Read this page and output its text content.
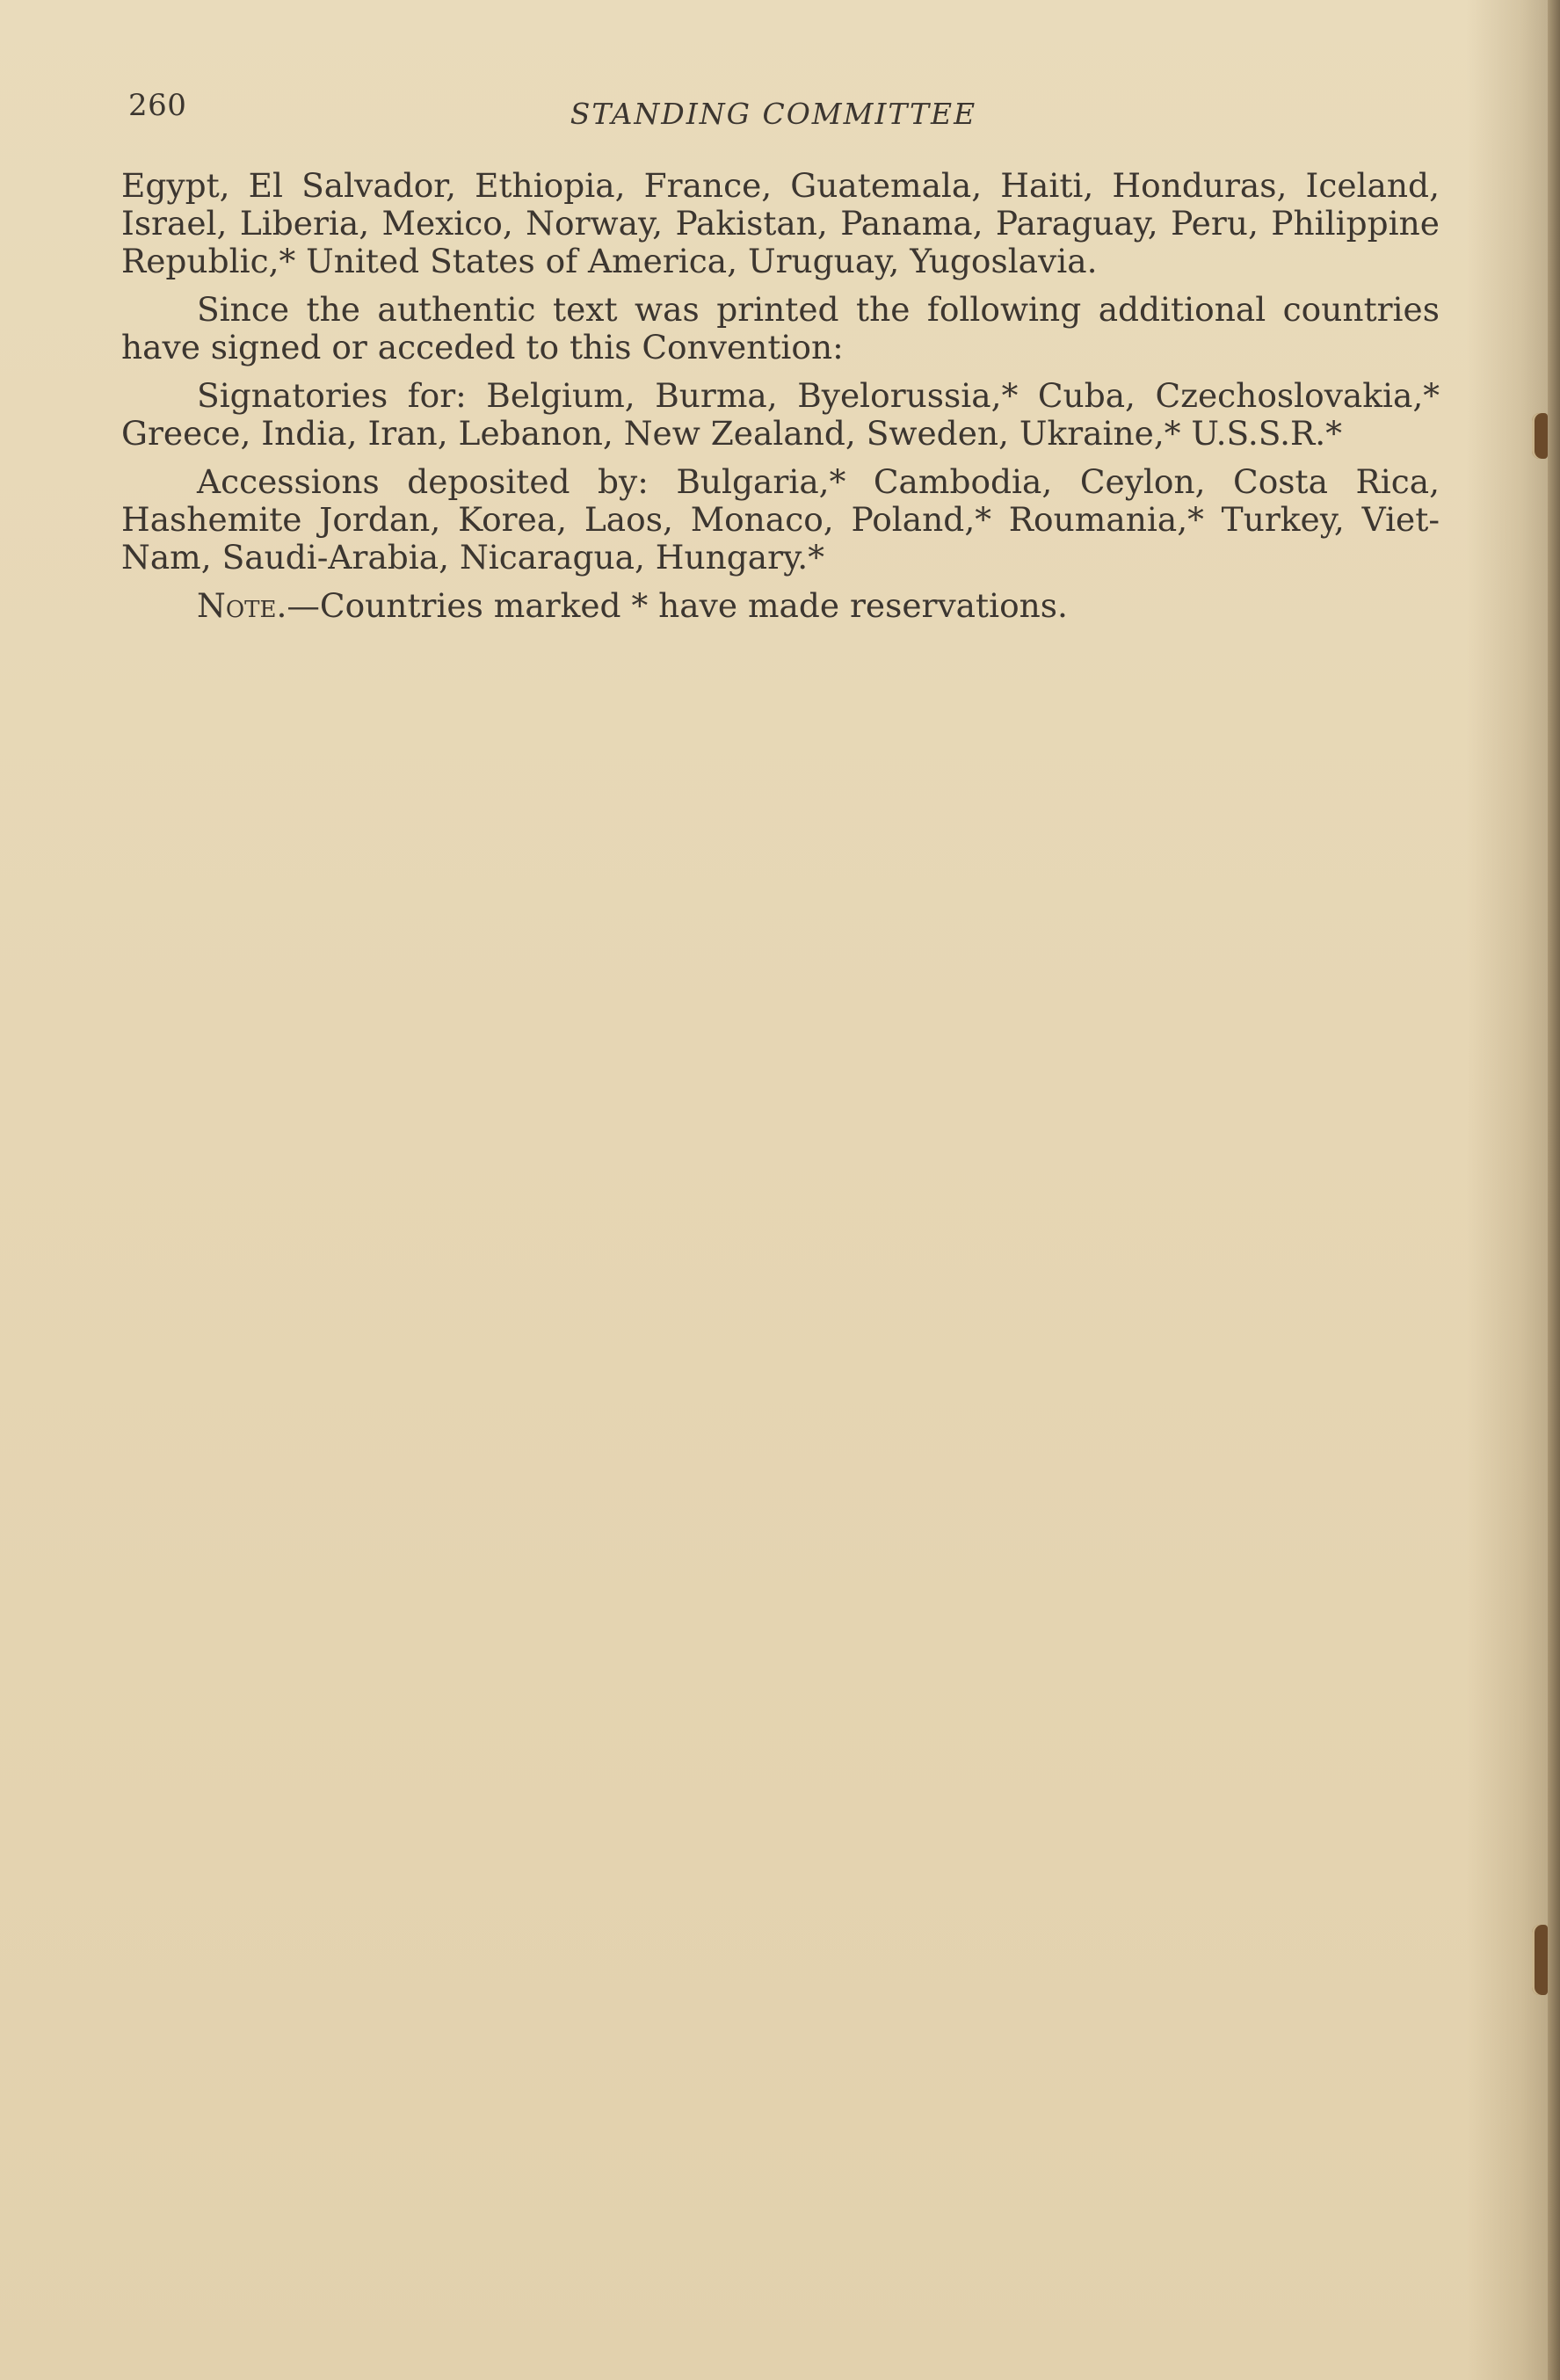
260	STANDING COMMITTEE

Egypt, El Salvador, Ethiopia, France, Guatemala, Haiti, Honduras, Iceland, Israel, Liberia, Mexico, Norway, Pakistan, Panama, Paraguay, Peru, Philippine Republic,* United States of America, Uruguay, Yugoslavia.

Since the authentic text was printed the following additional countries have signed or acceded to this Convention:

Signatories for: Belgium, Burma, Byelorussia,* Cuba, Czechoslovakia,* Greece, India, Iran, Lebanon, New Zealand, Sweden, Ukraine,* U.S.S.R.*

Accessions deposited by: Bulgaria,* Cambodia, Ceylon, Costa Rica, Hashemite Jordan, Korea, Laos, Monaco, Poland,* Roumania,* Turkey, Viet-Nam, Saudi-Arabia, Nicaragua, Hungary.*

Note.—Countries marked * have made reservations.
